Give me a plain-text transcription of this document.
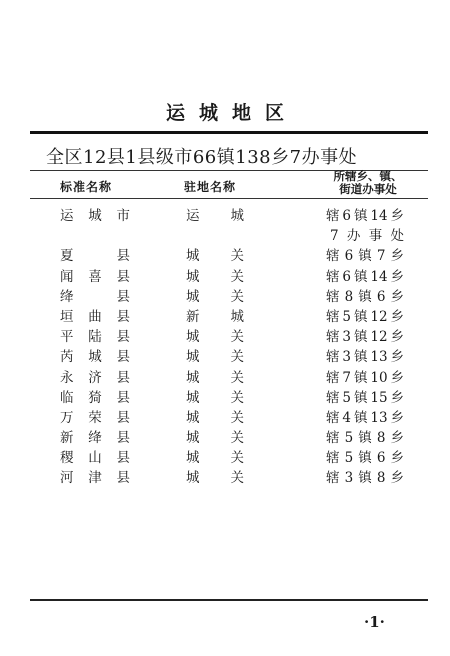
运城地区
全区12县1县级市66镇138乡7办事处
标准名称	驻地名称
所辖乡、镇、
街道办事处
运城市	运城	辖6镇14乡
7办事处
夏县	城关	辖6镇7乡
闻喜县	城关	辖6镇14乡
绛县	城关	辖8镇6乡
垣曲县	新城	辖5镇12乡
平陆县	城关	辖3镇12乡
芮城县	城关	辖3镇13乡
永济县	城关	辖7镇10乡
临猗县	城关	辖5镇15乡
万荣县	城关	辖4镇13乡
新绛县	城关	辖5镇8乡
稷山县	城关	辖5镇6乡
河津县	城关	辖3镇8乡
·1·
